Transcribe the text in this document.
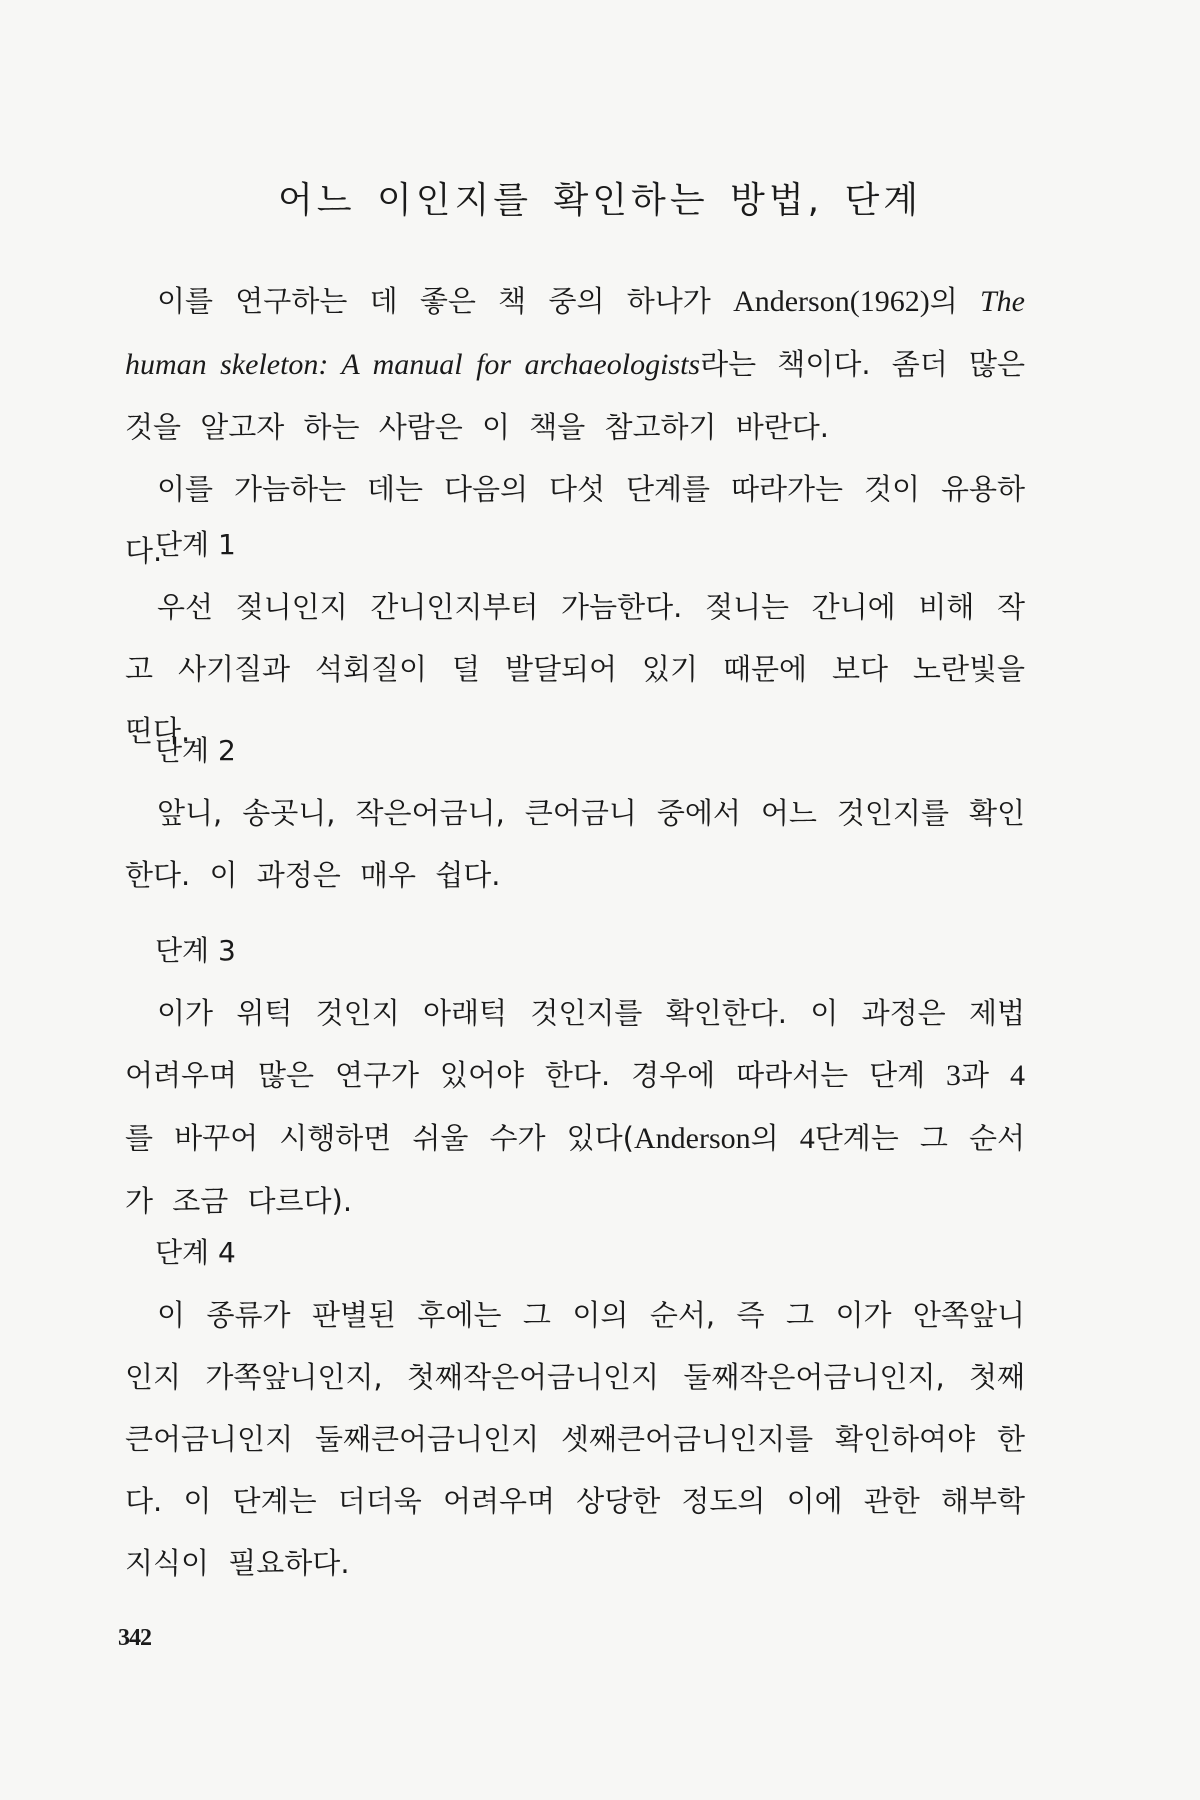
어느 이인지를 확인하는 방법, 단계

이를 연구하는 데 좋은 책 중의 하나가 Anderson(1962)의 The human skeleton: A manual for archaeologists라는 책이다. 좀더 많은 것을 알고자 하는 사람은 이 책을 참고하기 바란다.

이를 가늠하는 데는 다음의 다섯 단계를 따라가는 것이 유용하다.

단계 1

우선 젖니인지 간니인지부터 가늠한다. 젖니는 간니에 비해 작고 사기질과 석회질이 덜 발달되어 있기 때문에 보다 노란빛을 띤다.

단계 2

앞니, 송곳니, 작은어금니, 큰어금니 중에서 어느 것인지를 확인한다. 이 과정은 매우 쉽다.

단계 3

이가 위턱 것인지 아래턱 것인지를 확인한다. 이 과정은 제법 어려우며 많은 연구가 있어야 한다. 경우에 따라서는 단계 3과 4를 바꾸어 시행하면 쉬울 수가 있다(Anderson의 4단계는 그 순서가 조금 다르다).

단계 4

이 종류가 판별된 후에는 그 이의 순서, 즉 그 이가 안쪽앞니인지 가쪽앞니인지, 첫째작은어금니인지 둘째작은어금니인지, 첫째큰어금니인지 둘째큰어금니인지 셋째큰어금니인지를 확인하여야 한다. 이 단계는 더더욱 어려우며 상당한 정도의 이에 관한 해부학 지식이 필요하다.

342
